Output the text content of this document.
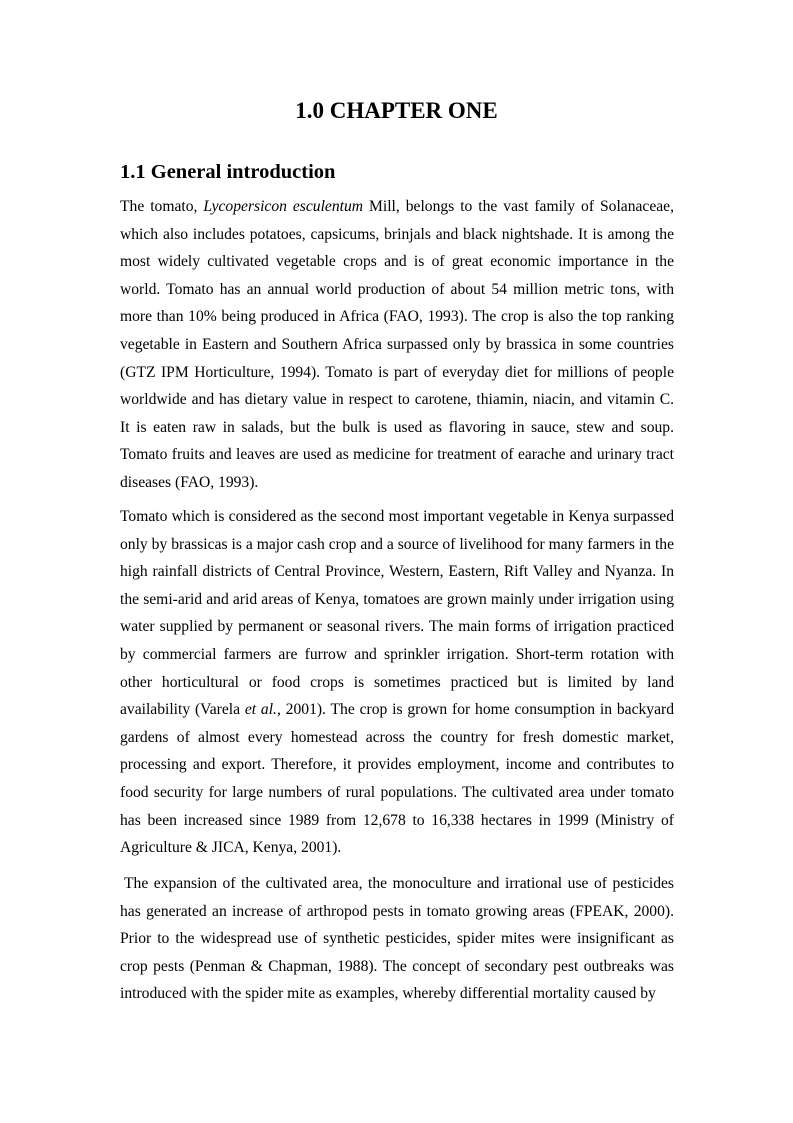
1.0 CHAPTER ONE
1.1 General introduction

The tomato, Lycopersicon esculentum Mill, belongs to the vast family of Solanaceae, which also includes potatoes, capsicums, brinjals and black nightshade. It is among the most widely cultivated vegetable crops and is of great economic importance in the world. Tomato has an annual world production of about 54 million metric tons, with more than 10% being produced in Africa (FAO, 1993). The crop is also the top ranking vegetable in Eastern and Southern Africa surpassed only by brassica in some countries (GTZ IPM Horticulture, 1994). Tomato is part of everyday diet for millions of people worldwide and has dietary value in respect to carotene, thiamin, niacin, and vitamin C. It is eaten raw in salads, but the bulk is used as flavoring in sauce, stew and soup. Tomato fruits and leaves are used as medicine for treatment of earache and urinary tract diseases (FAO, 1993).

Tomato which is considered as the second most important vegetable in Kenya surpassed only by brassicas is a major cash crop and a source of livelihood for many farmers in the high rainfall districts of Central Province, Western, Eastern, Rift Valley and Nyanza. In the semi-arid and arid areas of Kenya, tomatoes are grown mainly under irrigation using water supplied by permanent or seasonal rivers. The main forms of irrigation practiced by commercial farmers are furrow and sprinkler irrigation. Short-term rotation with other horticultural or food crops is sometimes practiced but is limited by land availability (Varela et al., 2001). The crop is grown for home consumption in backyard gardens of almost every homestead across the country for fresh domestic market, processing and export. Therefore, it provides employment, income and contributes to food security for large numbers of rural populations. The cultivated area under tomato has been increased since 1989 from 12,678 to 16,338 hectares in 1999 (Ministry of Agriculture & JICA, Kenya, 2001).

The expansion of the cultivated area, the monoculture and irrational use of pesticides has generated an increase of arthropod pests in tomato growing areas (FPEAK, 2000). Prior to the widespread use of synthetic pesticides, spider mites were insignificant as crop pests (Penman & Chapman, 1988). The concept of secondary pest outbreaks was introduced with the spider mite as examples, whereby differential mortality caused by
